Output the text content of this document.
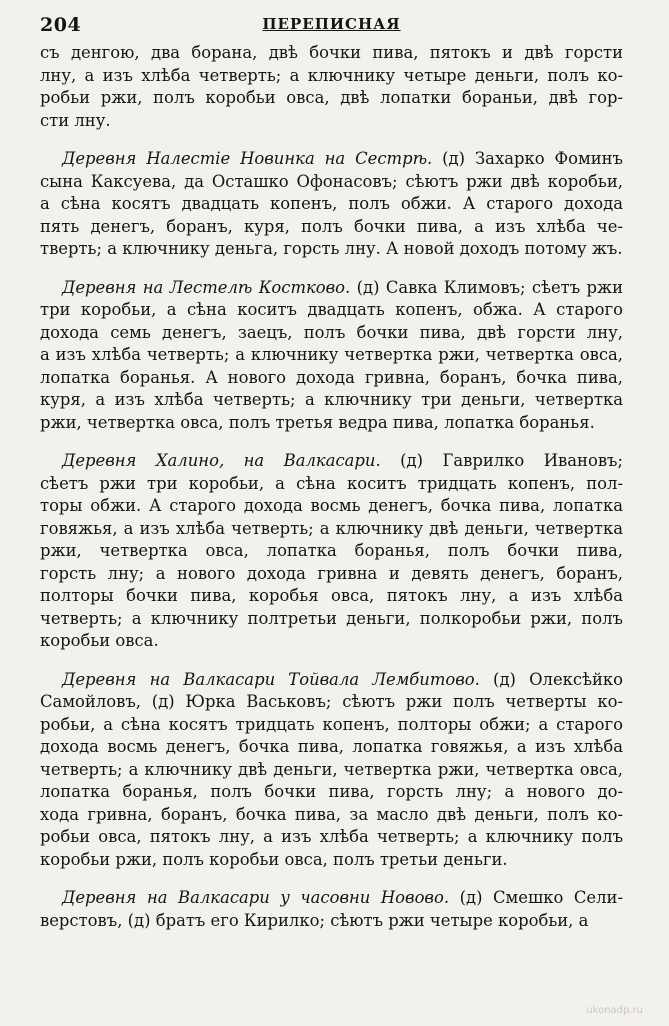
204	ПЕРЕПИСНАЯ
съ денгою, два борана, двѣ бочки пива, пятокъ и двѣ горсти
лну, а изъ хлѣба четверть; а ключнику четыре деньги, полъ ко-
робьи ржи, полъ коробьи овса, двѣ лопатки бораньи, двѣ гор-
сти лну.
Деревня Налестiе Новинка на Сестрѣ. (д) Захарко Фоминъ
сына Каксуева, да Осташко Офонасовъ; сѣютъ ржи двѣ коробьи,
а сѣна косятъ двадцать копенъ, полъ обжи. А старого дохода
пять денегъ, боранъ, куря, полъ бочки пива, а изъ хлѣба че-
тверть; а ключнику деньга, горсть лну. А новой доходъ потому жъ.
Деревня на Лестелѣ Костково. (д) Савка Климовъ; сѣетъ ржи
три коробьи, а сѣна коситъ двадцать копенъ, обжа. А старого
дохода семь денегъ, заецъ, полъ бочки пива, двѣ горсти лну,
а изъ хлѣба четверть; а ключнику четвертка ржи, четвертка овса,
лопатка боранья. А нового дохода гривна, боранъ, бочка пива,
куря, а изъ хлѣба четверть; а ключнику три деньги, четвертка
ржи, четвертка овса, полъ третья ведра пива, лопатка боранья.
Деревня Халино, на Валкасари. (д) Гаврилко Ивановъ;
сѣетъ ржи три коробьи, а сѣна коситъ тридцать копенъ, пол-
торы обжи. А старого дохода восмь денегъ, бочка пива, лопатка
говяжья, а изъ хлѣба четверть; а ключнику двѣ деньги, четвертка
ржи, четвертка овса, лопатка боранья, полъ бочки пива,
горсть лну; а нового дохода гривна и девять денегъ, боранъ,
полторы бочки пива, коробья овса, пятокъ лну, а изъ хлѣба
четверть; а ключнику полтретьи деньги, полкоробьи ржи, полъ
коробьи овса.
Деревня на Валкасари Тойвала Лембитово. (д) Олексѣйко
Самойловъ, (д) Юрка Васьковъ; сѣютъ ржи полъ четверты ко-
робьи, а сѣна косятъ тридцать копенъ, полторы обжи; а старого
дохода восмь денегъ, бочка пива, лопатка говяжья, а изъ хлѣба
четверть; а ключнику двѣ деньги, четвертка ржи, четвертка овса,
лопатка боранья, полъ бочки пива, горсть лну; а нового до-
хода гривна, боранъ, бочка пива, за масло двѣ деньги, полъ ко-
робьи овса, пятокъ лну, а изъ хлѣба четверть; а ключнику полъ
коробьи ржи, полъ коробьи овса, полъ третьи деньги.
Деревня на Валкасари у часовни Новово. (д) Смешко Сели-
верстовъ, (д) братъ его Кирилко; сѣютъ ржи четыре коробьи, а
ukonadp.ru
